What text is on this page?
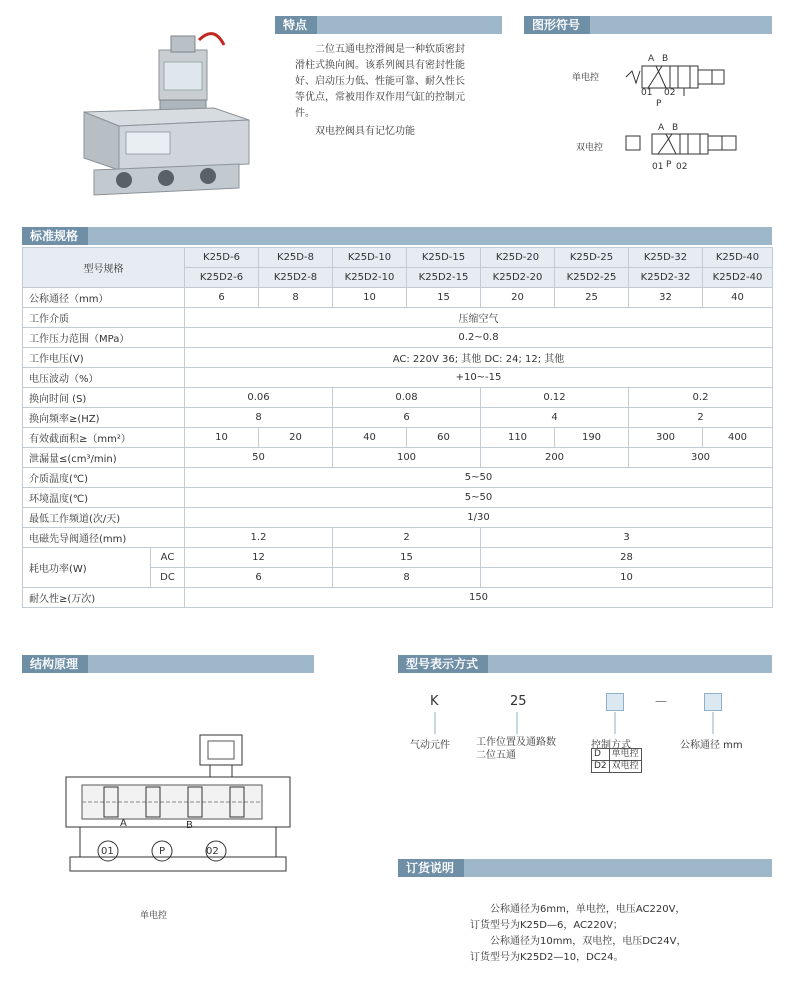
特点
二位五通电控滑阀是一种软质密封
滑柱式换向阀。该系列阀具有密封性能
好、启动压力低、性能可靠、耐久性长
等优点，常被用作双作用气缸的控制元
件。
双电控阀具有记忆功能
图形符号
单电控
双电控
A B
01 02
P
A B
01 P 02
标准规格
型号规格		K25D-6	K25D-8	K25D-10	K25D-15	K25D-20	K25D-25	K25D-32	K25D-40
		K25D2-6	K25D2-8	K25D2-10	K25D2-15	K25D2-20	K25D2-25	K25D2-32	K25D2-40
公称通径（mm）		6	8	10	15	20	25	32	40
工作介质		压缩空气							
工作压力范围（MPa）		0.2~0.8							
工作电压(V)		AC: 220V 36; 其他 DC: 24; 12; 其他							
电压波动（%）		+10~-15							
换向时间 (S)		0.06		0.08		0.12		0.2	
换向频率≥(HZ)		8		6		4		2	
有效截面积≥（mm²）		10	20	40	60	110	190	300	400
泄漏量≤(cm³/min)		50		100		200		300	
介质温度(℃)		5~50							
环境温度(℃)		5~50							
最低工作频道(次/天)		1/30							
电磁先导阀通径(mm)		1.2		2		3			
耗电功率(W)	AC	12		15		28			
	DC	6		8		10			
耐久性≥(万次)		150							
结构原理
A	B
01	P	02
单电控
型号表示方式
K	25	—
气动元件	工作位置及通路数
二位五通
控制方式
D	单电控
D2	双电控
公称通径 mm
订货说明
公称通径为6mm，单电控，电压AC220V，
订货型号为K25D—6，AC220V；
公称通径为10mm，双电控，电压DC24V，
订货型号为K25D2—10，DC24。
